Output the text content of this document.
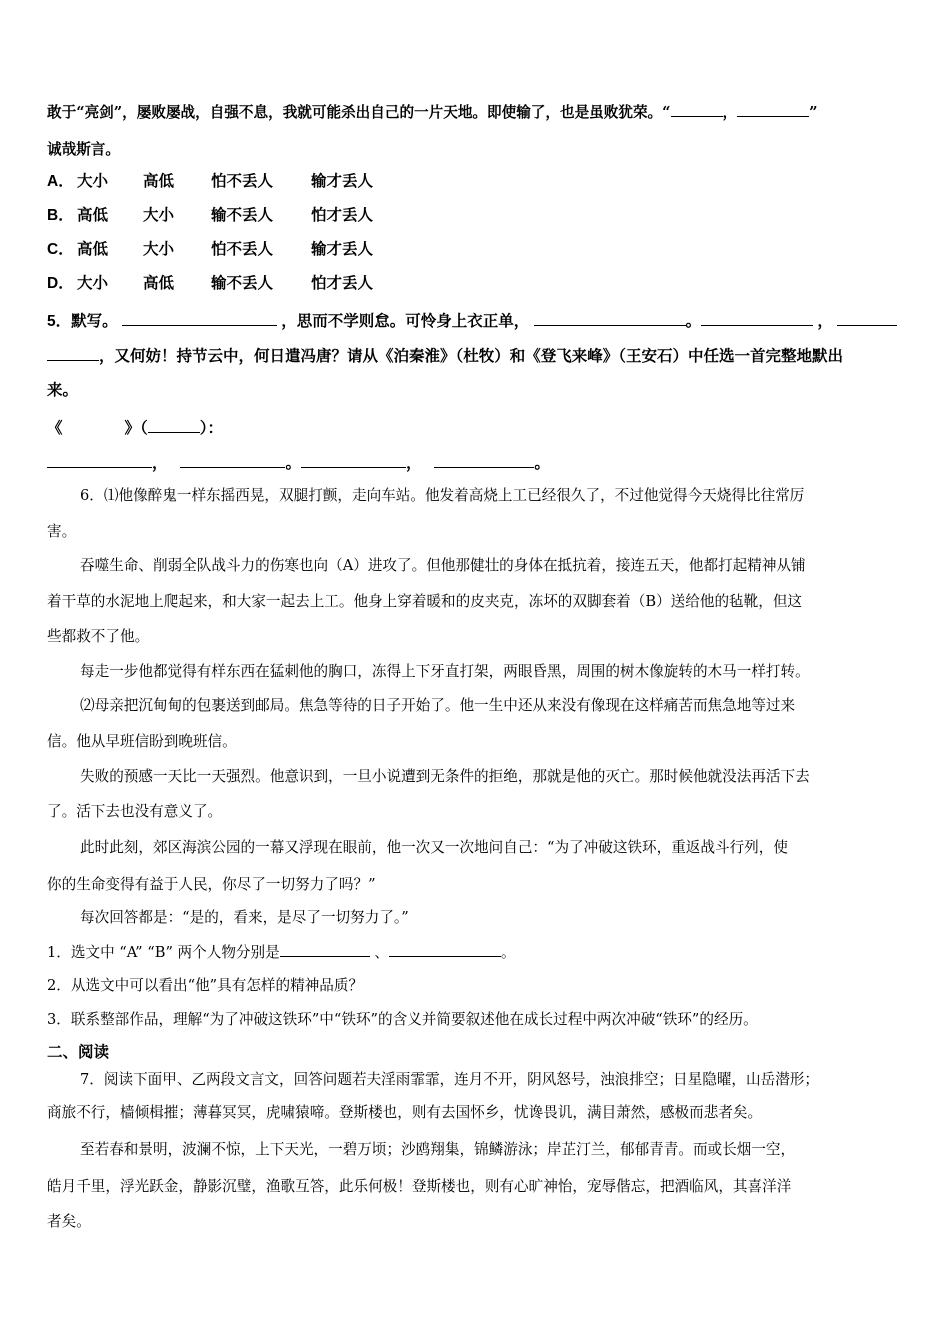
敢于“亮剑”，屡败屡战，自强不息，我就可能杀出自己的一片天地。即使输了，也是虽败犹荣。“	，	”
诚哉斯言。
A． 大小 高低 怕不丢人 输才丢人
B． 高低 大小 输不丢人 怕才丢人
C． 高低 大小 怕不丢人 输才丢人
D． 大小 高低 输不丢人 怕才丢人
5．默写。	，思而不学则怠。可怜身上衣正单，	。	，
，又何妨！持节云中，何日遣冯唐？请从《泊秦淮》（杜牧）和《登飞来峰》（王安石）中任选一首完整地默出
来。
《	》（	）：
，	。	，	。
6．⑴他像醉鬼一样东摇西晃，双腿打颤，走向车站。他发着高烧上工已经很久了，不过他觉得今天烧得比往常厉
害。
吞噬生命、削弱全队战斗力的伤寒也向（A）进攻了。但他那健壮的身体在抵抗着，接连五天，他都打起精神从铺
着干草的水泥地上爬起来，和大家一起去上工。他身上穿着暖和的皮夹克，冻坏的双脚套着（B）送给他的毡靴，但这
些都救不了他。
每走一步他都觉得有样东西在猛刺他的胸口，冻得上下牙直打架，两眼昏黑，周围的树木像旋转的木马一样打转。
⑵母亲把沉甸甸的包裹送到邮局。焦急等待的日子开始了。他一生中还从来没有像现在这样痛苦而焦急地等过来
信。他从早班信盼到晚班信。
失败的预感一天比一天强烈。他意识到，一旦小说遭到无条件的拒绝，那就是他的灭亡。那时候他就没法再活下去
了。活下去也没有意义了。
此时此刻，郊区海滨公园的一幕又浮现在眼前，他一次又一次地问自己：“为了冲破这铁环，重返战斗行列，使
你的生命变得有益于人民，你尽了一切努力了吗？”
每次回答都是：“是的，看来，是尽了一切努力了。”
1．选文中 “A” “B” 两个人物分别是	、	。
2．从选文中可以看出“他”具有怎样的精神品质？
3．联系整部作品，理解“为了冲破这铁环”中“铁环”的含义并简要叙述他在成长过程中两次冲破“铁环”的经历。
二、阅读
7．阅读下面甲、乙两段文言文，回答问题若夫淫雨霏霏，连月不开，阴风怒号，浊浪排空；日星隐曜，山岳潜形；
商旅不行，樯倾楫摧；薄暮冥冥，虎啸猿啼。登斯楼也，则有去国怀乡，忧谗畏讥，满目萧然，感极而悲者矣。
至若春和景明，波澜不惊，上下天光，一碧万顷；沙鸥翔集，锦鳞游泳；岸芷汀兰，郁郁青青。而或长烟一空，
皓月千里，浮光跃金，静影沉璧，渔歌互答，此乐何极！登斯楼也，则有心旷神怡，宠辱偕忘，把酒临风，其喜洋洋
者矣。
